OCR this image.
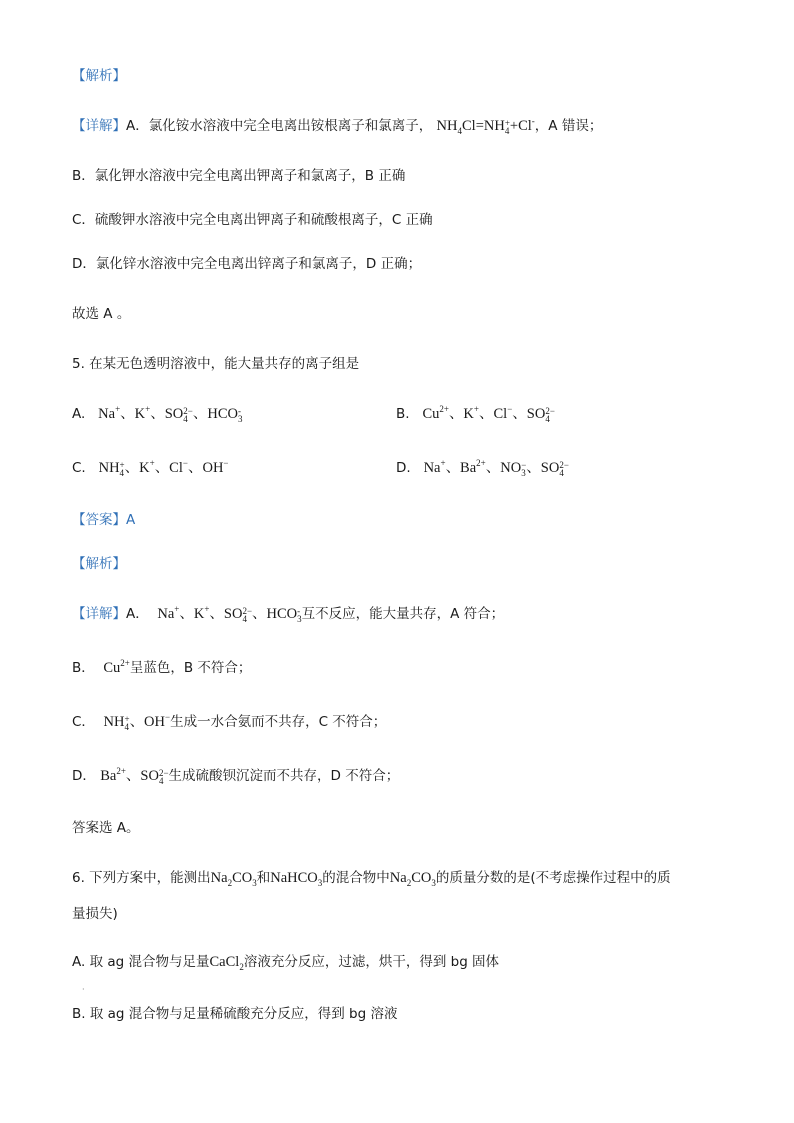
【解析】
【详解】A．氯化铵水溶液中完全电离出铵根离子和氯离子， $NH_4Cl=NH$ +
4 +Cl-，A 错误；
B．氯化钾水溶液中完全电离出钾离子和氯离子，B 正确
C．硫酸钾水溶液中完全电离出钾离子和硫酸根离子，C 正确
D．氯化锌水溶液中完全电离出锌离子和氯离子，D 正确；
故选 A 。
5. 在某无色透明溶液中，能大量共存的离子组是
A. Na+、K+、SO 2−
4 、HCO -
3	B. $Cu^{2+}$、K+、Cl−、SO 2−
4
C. NH +
4 、K+、Cl−、OH−	D. Na+、$Ba^{2+}$、NO −
3 、SO 2−
4
【答案】A
【解析】
【详解】A． Na+、K+、SO 2−
4 、HCO -
3 互不反应，能大量共存，A 符合；
B． $Cu^{2+}$呈蓝色，B 不符合；
C． NH +
4 、OH−生成一水合氨而不共存，C 不符合；
D． $Ba^{2+}$、SO 2−
4 生成硫酸钡沉淀而不共存，D 不符合；
答案选 A。
6. 下列方案中，能测出$Na_2CO_3$和NaHCO$_3$的混合物中$Na_2CO_3$的质量分数的是(不考虑操作过程中的质
量损失)
A. 取 ag 混合物与足量CaCl$_2$溶液充分反应，过滤，烘干，得到 bg 固体
·
B. 取 ag 混合物与足量稀硫酸充分反应，得到 bg 溶液
